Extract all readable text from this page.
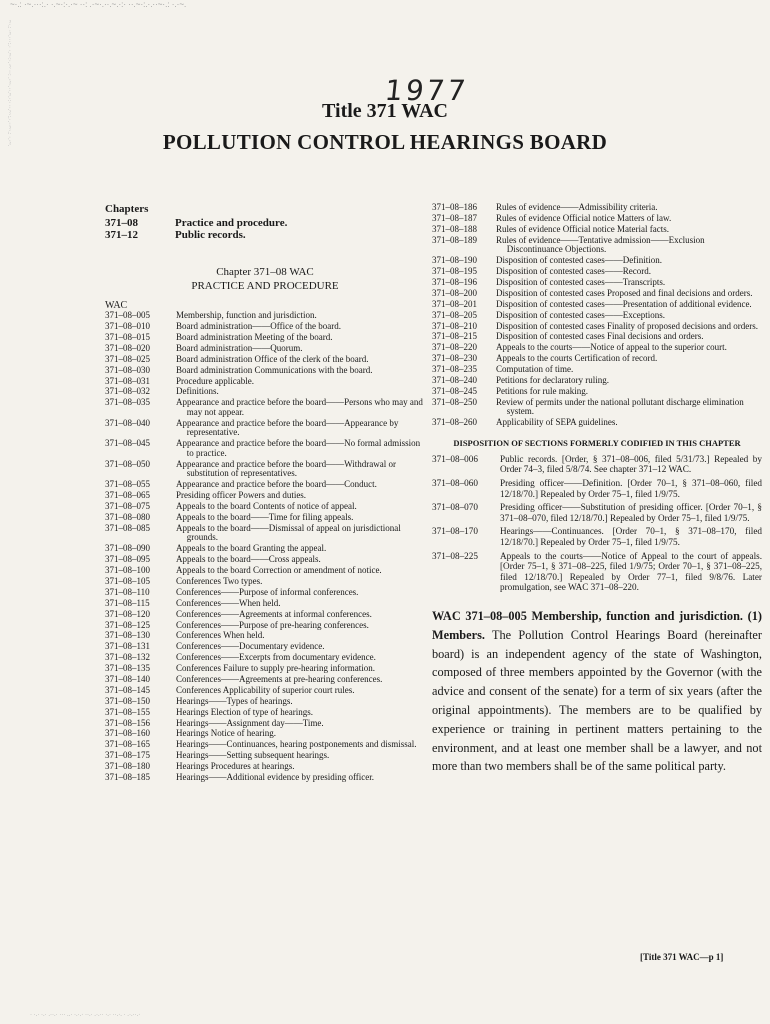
~·.: ·~.···:.· ·.~·:·.·~ ··: .·~·.··.~.·:· ··.~·:.·.··~·.: ·.·~.
~·.: ·~.···:.· ·.~·:·.·~ ··: .·~·.··.~.·:· ··.~·:.·.··~·.: ·.·~.
· ·.· ·.· .··.· ··· ..· ·.·.· ··.· .·.·· ·.· ··.·. · .·.··.·
1977
Title 371 WAC
POLLUTION CONTROL HEARINGS BOARD
Chapters
371–08	Practice and procedure.
371–12	Public records.
Chapter 371–08 WAC
PRACTICE AND PROCEDURE
WAC
371–08–005	Membership, function and jurisdiction.
371–08–010	Board administration——Office of the board.
371–08–015	Board administration Meeting of the board.
371–08–020	Board administration——Quorum.
371–08–025	Board administration Office of the clerk of the board.
371–08–030	Board administration Communications with the board.
371–08–031	Procedure applicable.
371–08–032	Definitions.
371–08–035	Appearance and practice before the board——Persons who may and may not appear.
371–08–040	Appearance and practice before the board——Appearance by representative.
371–08–045	Appearance and practice before the board——No formal admission to practice.
371–08–050	Appearance and practice before the board——Withdrawal or substitution of representatives.
371–08–055	Appearance and practice before the board——Conduct.
371–08–065	Presiding officer Powers and duties.
371–08–075	Appeals to the board Contents of notice of appeal.
371–08–080	Appeals to the board——Time for filing appeals.
371–08–085	Appeals to the board——Dismissal of appeal on jurisdictional grounds.
371–08–090	Appeals to the board Granting the appeal.
371–08–095	Appeals to the board——Cross appeals.
371–08–100	Appeals to the board Correction or amendment of notice.
371–08–105	Conferences Two types.
371–08–110	Conferences——Purpose of informal conferences.
371–08–115	Conferences——When held.
371–08–120	Conferences——Agreements at informal conferences.
371–08–125	Conferences——Purpose of pre-hearing conferences.
371–08–130	Conferences When held.
371–08–131	Conferences——Documentary evidence.
371–08–132	Conferences——Excerpts from documentary evidence.
371–08–135	Conferences Failure to supply pre-hearing information.
371–08–140	Conferences——Agreements at pre-hearing conferences.
371–08–145	Conferences Applicability of superior court rules.
371–08–150	Hearings——Types of hearings.
371–08–155	Hearings Election of type of hearings.
371–08–156	Hearings——Assignment day——Time.
371–08–160	Hearings Notice of hearing.
371–08–165	Hearings——Continuances, hearing postponements and dismissal.
371–08–175	Hearings——Setting subsequent hearings.
371–08–180	Hearings Procedures at hearings.
371–08–185	Hearings——Additional evidence by presiding officer.
371–08–186	Rules of evidence——Admissibility criteria.
371–08–187	Rules of evidence Official notice Matters of law.
371–08–188	Rules of evidence Official notice Material facts.
371–08–189	Rules of evidence——Tentative admission——Exclusion Discontinuance Objections.
371–08–190	Disposition of contested cases——Definition.
371–08–195	Disposition of contested cases——Record.
371–08–196	Disposition of contested cases——Transcripts.
371–08–200	Disposition of contested cases Proposed and final decisions and orders.
371–08–201	Disposition of contested cases——Presentation of additional evidence.
371–08–205	Disposition of contested cases——Exceptions.
371–08–210	Disposition of contested cases Finality of proposed decisions and orders.
371–08–215	Disposition of contested cases Final decisions and orders.
371–08–220	Appeals to the courts——Notice of appeal to the superior court.
371–08–230	Appeals to the courts Certification of record.
371–08–235	Computation of time.
371–08–240	Petitions for declaratory ruling.
371–08–245	Petitions for rule making.
371–08–250	Review of permits under the national pollutant discharge elimination system.
371–08–260	Applicability of SEPA guidelines.
DISPOSITION OF SECTIONS FORMERLY CODIFIED IN THIS CHAPTER
371–08–006	Public records. [Order, § 371–08–006, filed 5/31/73.] Repealed by Order 74–3, filed 5/8/74. See chapter 371–12 WAC.
371–08–060	Presiding officer——Definition. [Order 70–1, § 371–08–060, filed 12/18/70.] Repealed by Order 75–1, filed 1/9/75.
371–08–070	Presiding officer——Substitution of presiding officer. [Order 70–1, § 371–08–070, filed 12/18/70.] Repealed by Order 75–1, filed 1/9/75.
371–08–170	Hearings——Continuances. [Order 70–1, § 371–08–170, filed 12/18/70.] Repealed by Order 75–1, filed 1/9/75.
371–08–225	Appeals to the courts——Notice of Appeal to the court of appeals. [Order 75–1, § 371–08–225, filed 1/9/75; Order 70–1, § 371–08–225, filed 12/18/70.] Repealed by Order 77–1, filed 9/8/76. Later promulgation, see WAC 371–08–220.
WAC 371–08–005 Membership, function and jurisdiction. (1) Members. The Pollution Control Hearings Board (hereinafter board) is an independent agency of the state of Washington, composed of three members appointed by the Governor (with the advice and consent of the senate) for a term of six years (after the original appointments). The members are to be qualified by experience or training in pertinent matters pertaining to the environment, and at least one member shall be a lawyer, and not more than two members shall be of the same political party.
[Title 371 WAC—p 1]
